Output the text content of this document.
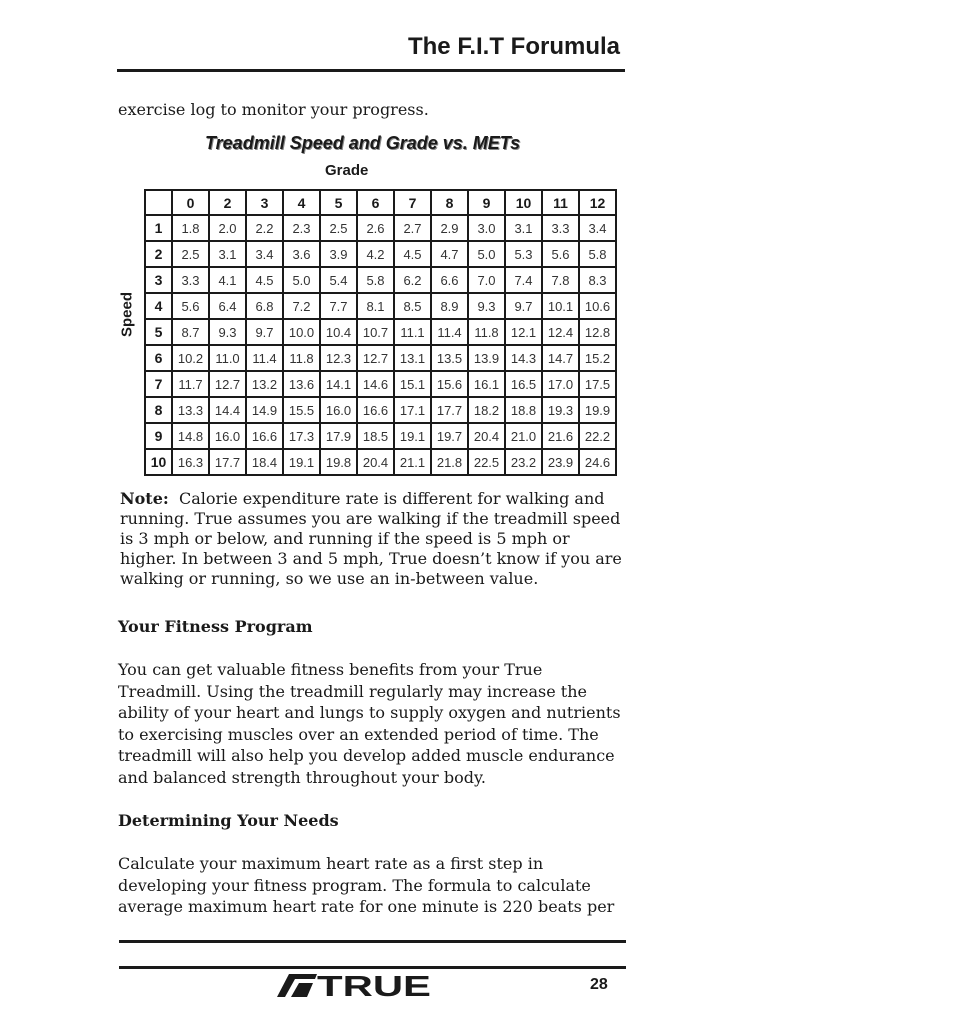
The F.I.T Forumula
exercise log to monitor your progress.
Treadmill Speed and Grade vs. METs
Grade
Speed
	0	2	3	4	5	6	7	8	9	10	11	12
1	1.8	2.0	2.2	2.3	2.5	2.6	2.7	2.9	3.0	3.1	3.3	3.4
2	2.5	3.1	3.4	3.6	3.9	4.2	4.5	4.7	5.0	5.3	5.6	5.8
3	3.3	4.1	4.5	5.0	5.4	5.8	6.2	6.6	7.0	7.4	7.8	8.3
4	5.6	6.4	6.8	7.2	7.7	8.1	8.5	8.9	9.3	9.7	10.1	10.6
5	8.7	9.3	9.7	10.0	10.4	10.7	11.1	11.4	11.8	12.1	12.4	12.8
6	10.2	11.0	11.4	11.8	12.3	12.7	13.1	13.5	13.9	14.3	14.7	15.2
7	11.7	12.7	13.2	13.6	14.1	14.6	15.1	15.6	16.1	16.5	17.0	17.5
8	13.3	14.4	14.9	15.5	16.0	16.6	17.1	17.7	18.2	18.8	19.3	19.9
9	14.8	16.0	16.6	17.3	17.9	18.5	19.1	19.7	20.4	21.0	21.6	22.2
10	16.3	17.7	18.4	19.1	19.8	20.4	21.1	21.8	22.5	23.2	23.9	24.6
Note: Calorie expenditure rate is different for walking and running. True assumes you are walking if the treadmill speed is 3 mph or below, and running if the speed is 5 mph or higher. In between 3 and 5 mph, True doesn’t know if you are walking or running, so we use an in-between value.
Your Fitness Program
You can get valuable fitness benefits from your True Treadmill. Using the treadmill regularly may increase the ability of your heart and lungs to supply oxygen and nutrients to exercising muscles over an extended period of time. The treadmill will also help you develop added muscle endurance and balanced strength throughout your body.
Determining Your Needs
Calculate your maximum heart rate as a first step in developing your fitness program. The formula to calculate average maximum heart rate for one minute is 220 beats per
TRUE	28
